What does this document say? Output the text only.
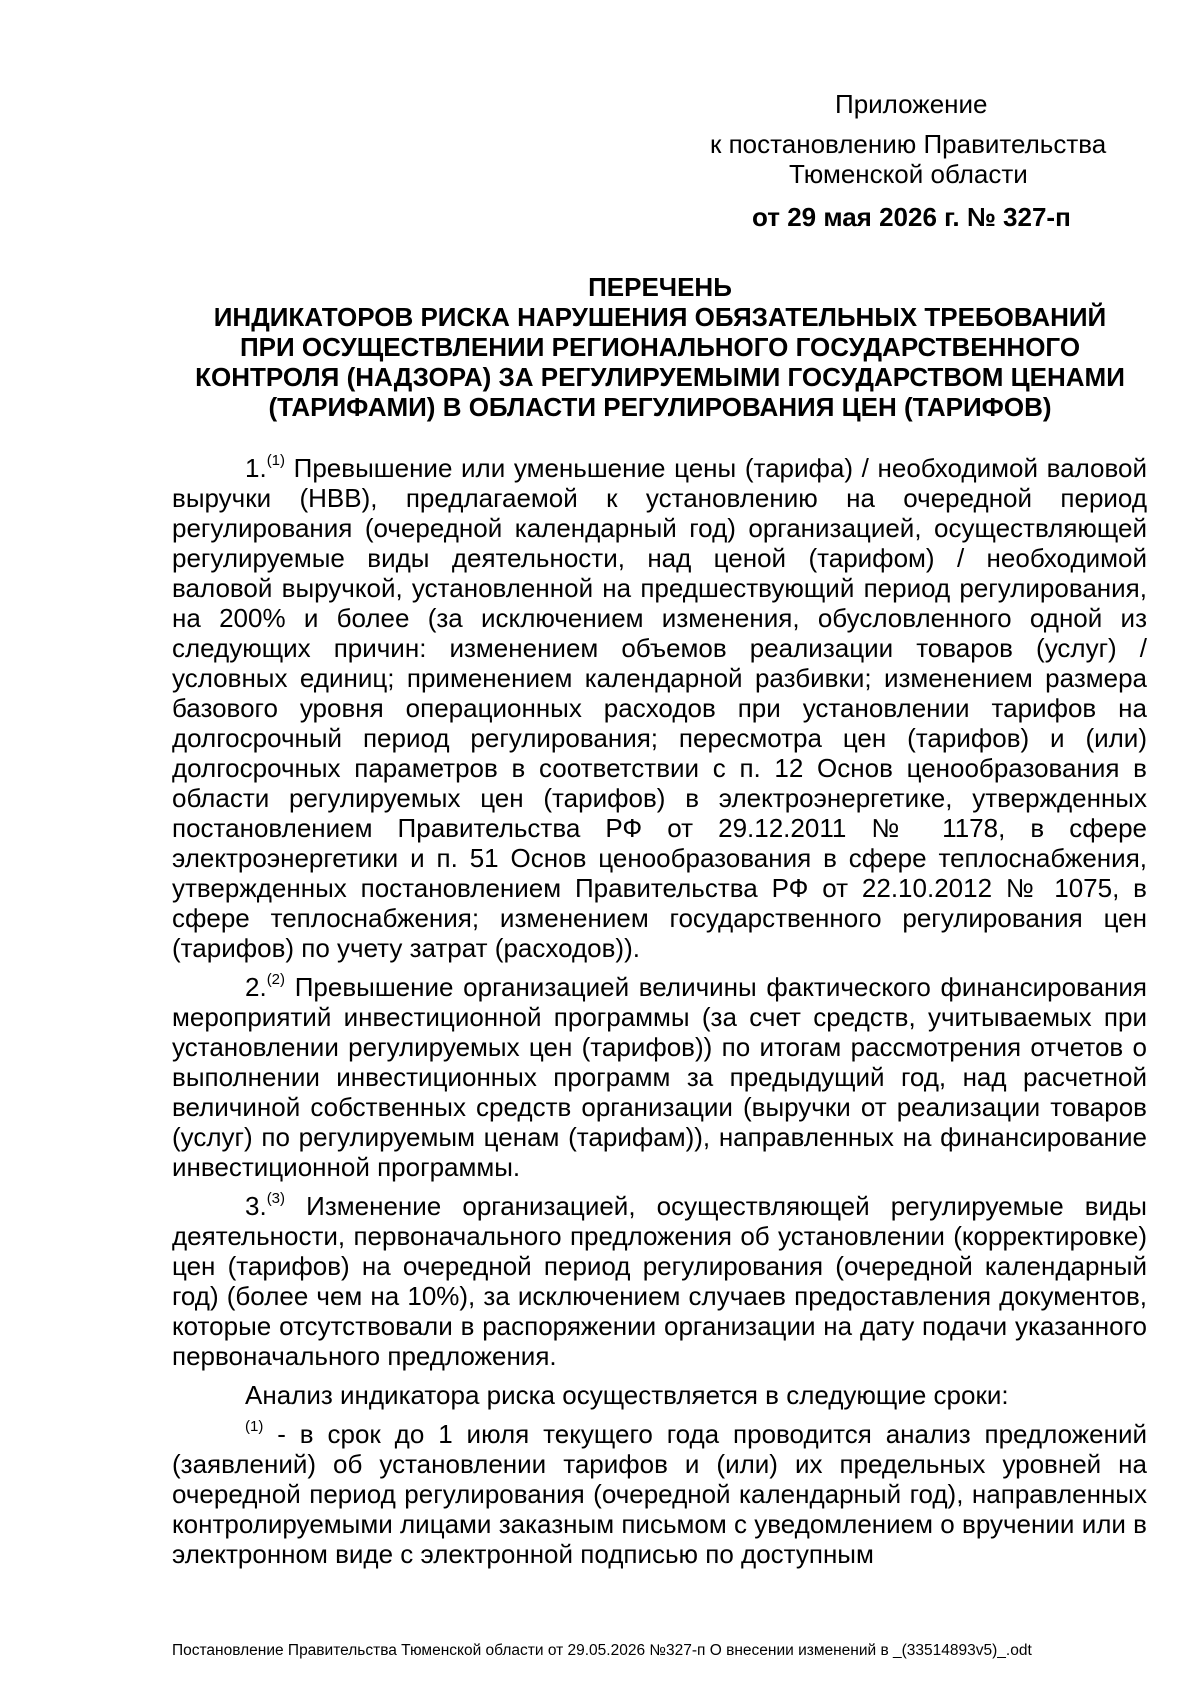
Приложение
к постановлению Правительства
Тюменской области
от 29 мая 2026 г. № 327-п
ПЕРЕЧЕНЬ
ИНДИКАТОРОВ РИСКА НАРУШЕНИЯ ОБЯЗАТЕЛЬНЫХ ТРЕБОВАНИЙ
ПРИ ОСУЩЕСТВЛЕНИИ РЕГИОНАЛЬНОГО ГОСУДАРСТВЕННОГО
КОНТРОЛЯ (НАДЗОРА) ЗА РЕГУЛИРУЕМЫМИ ГОСУДАРСТВОМ ЦЕНАМИ
(ТАРИФАМИ) В ОБЛАСТИ РЕГУЛИРОВАНИЯ ЦЕН (ТАРИФОВ)

1.$^{(1)}$ Превышение или уменьшение цены (тарифа) / необходимой валовой выручки (НВВ), предлагаемой к установлению на очередной период регулирования (очередной календарный год) организацией, осуществляющей регулируемые виды деятельности, над ценой (тарифом) / необходимой валовой выручкой, установленной на предшествующий период регулирования, на 200% и более (за исключением изменения, обусловленного одной из следующих причин: изменением объемов реализации товаров (услуг) / условных единиц; применением календарной разбивки; изменением размера базового уровня операционных расходов при установлении тарифов на долгосрочный период регулирования; пересмотра цен (тарифов) и (или) долгосрочных параметров в соответствии с п. 12 Основ ценообразования в области регулируемых цен (тарифов) в электроэнергетике, утвержденных постановлением Правительства РФ от 29.12.2011 № 1178, в сфере электроэнергетики и п. 51 Основ ценообразования в сфере теплоснабжения, утвержденных постановлением Правительства РФ от 22.10.2012 № 1075, в сфере теплоснабжения; изменением государственного регулирования цен (тарифов) по учету затрат (расходов)).

2.$^{(2)}$ Превышение организацией величины фактического финансирования мероприятий инвестиционной программы (за счет средств, учитываемых при установлении регулируемых цен (тарифов)) по итогам рассмотрения отчетов о выполнении инвестиционных программ за предыдущий год, над расчетной величиной собственных средств организации (выручки от реализации товаров (услуг) по регулируемым ценам (тарифам)), направленных на финансирование инвестиционной программы.

3.$^{(3)}$ Изменение организацией, осуществляющей регулируемые виды деятельности, первоначального предложения об установлении (корректировке) цен (тарифов) на очередной период регулирования (очередной календарный год) (более чем на 10%), за исключением случаев предоставления документов, которые отсутствовали в распоряжении организации на дату подачи указанного первоначального предложения.

Анализ индикатора риска осуществляется в следующие сроки:

$^{(1)}$ - в срок до 1 июля текущего года проводится анализ предложений (заявлений) об установлении тарифов и (или) их предельных уровней на очередной период регулирования (очередной календарный год), направленных контролируемыми лицами заказным письмом с уведомлением о вручении или в электронном виде с электронной подписью по доступным

Постановление Правительства Тюменской области от 29.05.2026 №327-п О внесении изменений в _(33514893v5)_.odt
